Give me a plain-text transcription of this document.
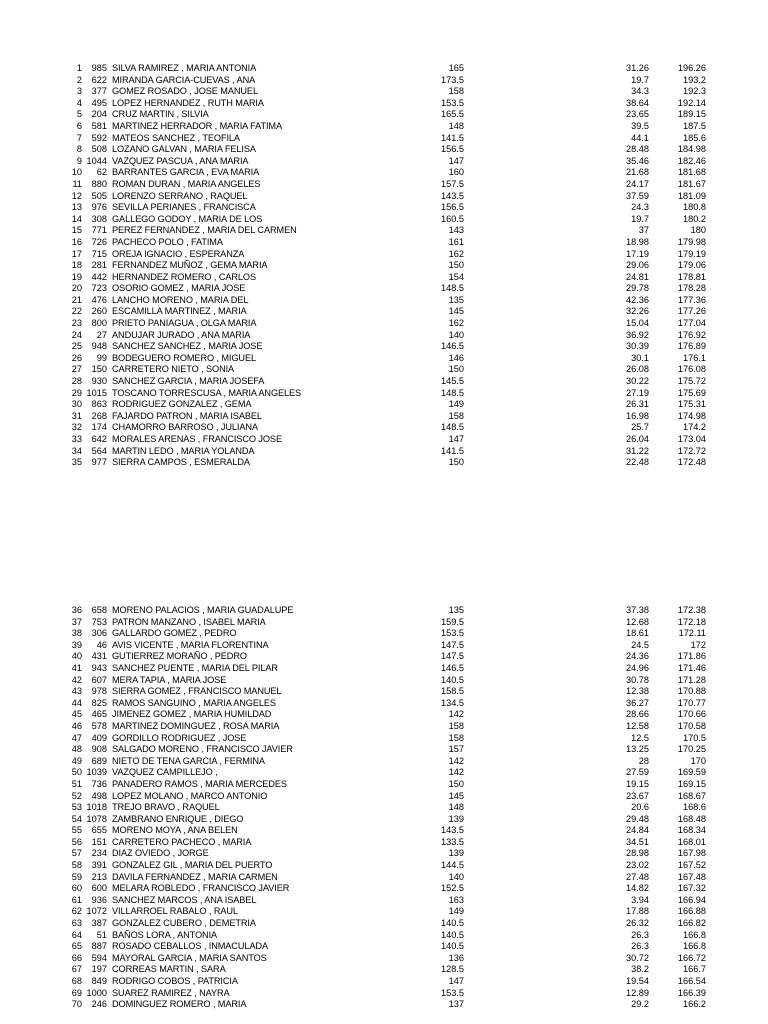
1	985 SILVA RAMIREZ , MARIA ANTONIA	165	31.26	196.26
2	622 MIRANDA GARCIA-CUEVAS , ANA	173.5	19.7	193.2
3	377 GOMEZ ROSADO , JOSE MANUEL	158	34.3	192.3
4	495 LOPEZ HERNANDEZ , RUTH MARIA	153.5	38.64	192.14
5	204 CRUZ MARTIN , SILVIA	165.5	23.65	189.15
6	581 MARTINEZ HERRADOR , MARIA FATIMA	148	39.5	187.5
7	592 MATEOS SANCHEZ , TEOFILA	141.5	44.1	185.6
8	508 LOZANO GALVAN , MARIA FELISA	156.5	28.48	184.98
9 1044 VAZQUEZ PASCUA , ANA MARIA	147	35.46	182.46
10	62 BARRANTES GARCIA , EVA MARIA	160	21.68	181.68
11	880 ROMAN DURAN , MARIA ANGELES	157.5	24.17	181.67
12	505 LORENZO SERRANO , RAQUEL	143.5	37.59	181.09
13	976 SEVILLA PERIANES , FRANCISCA	156.5	24.3	180.8
14	308 GALLEGO GODOY , MARIA DE LOS	160.5	19.7	180.2
15	771 PEREZ FERNANDEZ , MARIA DEL CARMEN	143	37	180
16	726 PACHECO POLO , FATIMA	161	18.98	179.98
17	715 OREJA IGNACIO , ESPERANZA	162	17.19	179.19
18	281 FERNANDEZ MUÑOZ , GEMA MARIA	150	29.06	179.06
19	442 HERNANDEZ ROMERO , CARLOS	154	24.81	178.81
20	723 OSORIO GOMEZ , MARIA JOSE	148.5	29.78	178.28
21	476 LANCHO MORENO , MARIA DEL	135	42.36	177.36
22	260 ESCAMILLA MARTINEZ , MARIA	145	32.26	177.26
23	800 PRIETO PANIAGUA , OLGA MARIA	162	15.04	177.04
24	27 ANDUJAR JURADO , ANA MARIA	140	36.92	176.92
25	948 SANCHEZ SANCHEZ , MARIA JOSE	146.5	30.39	176.89
26	99 BODEGUERO ROMERO , MIGUEL	146	30.1	176.1
27	150 CARRETERO NIETO , SONIA	150	26.08	176.08
28	930 SANCHEZ GARCIA , MARIA JOSEFA	145.5	30.22	175.72
29 1015 TOSCANO TORRESCUSA , MARIA ANGELES	148.5	27.19	175.69
30	863 RODRIGUEZ GONZALEZ , GEMA	149	26.31	175.31
31	268 FAJARDO PATRON , MARIA ISABEL	158	16.98	174.98
32	174 CHAMORRO BARROSO , JULIANA	148.5	25.7	174.2
33	642 MORALES ARENAS , FRANCISCO JOSE	147	26.04	173.04
34	564 MARTIN LEDO , MARIA YOLANDA	141.5	31.22	172.72
35	977 SIERRA CAMPOS , ESMERALDA	150	22.48	172.48
36	658 MORENO PALACIOS , MARIA GUADALUPE	135	37.38	172.38
37	753 PATRON MANZANO , ISABEL MARIA	159.5	12.68	172.18
38	306 GALLARDO GOMEZ , PEDRO	153.5	18.61	172.11
39	46 AVIS VICENTE , MARIA FLORENTINA	147.5	24.5	172
40	431 GUTIERREZ MORAÑO , PEDRO	147.5	24.36	171.86
41	943 SANCHEZ PUENTE , MARIA DEL PILAR	146.5	24.96	171.46
42	607 MERA TAPIA , MARIA JOSE	140.5	30.78	171.28
43	978 SIERRA GOMEZ , FRANCISCO MANUEL	158.5	12.38	170.88
44	825 RAMOS SANGUINO , MARIA ANGELES	134.5	36.27	170.77
45	465 JIMENEZ GOMEZ , MARIA HUMILDAD	142	28.66	170.66
46	578 MARTINEZ DOMINGUEZ , ROSA MARIA	158	12.58	170.58
47	409 GORDILLO RODRIGUEZ , JOSE	158	12.5	170.5
48	908 SALGADO MORENO , FRANCISCO JAVIER	157	13.25	170.25
49	689 NIETO DE TENA GARCIA , FERMINA	142	28	170
50 1039 VAZQUEZ CAMPILLEJO ,	142	27.59	169.59
51	736 PANADERO RAMOS , MARIA MERCEDES	150	19.15	169.15
52	498 LOPEZ MOLANO , MARCO ANTONIO	145	23.67	168.67
53 1018 TREJO BRAVO , RAQUEL	148	20.6	168.6
54 1078 ZAMBRANO ENRIQUE , DIEGO	139	29.48	168.48
55	655 MORENO MOYA , ANA BELEN	143.5	24.84	168.34
56	151 CARRETERO PACHECO , MARIA	133.5	34.51	168.01
57	234 DIAZ OVIEDO , JORGE	139	28.98	167.98
58	391 GONZALEZ GIL , MARIA DEL PUERTO	144.5	23.02	167.52
59	213 DAVILA FERNANDEZ , MARIA CARMEN	140	27.48	167.48
60	600 MELARA ROBLEDO , FRANCISCO JAVIER	152.5	14.82	167.32
61	936 SANCHEZ MARCOS , ANA ISABEL	163	3.94	166.94
62 1072 VILLARROEL RABALO , RAUL	149	17.88	166.88
63	387 GONZALEZ CUBERO , DEMETRIA	140.5	26.32	166.82
64	51 BAÑOS LORA , ANTONIA	140.5	26.3	166.8
65	887 ROSADO CEBALLOS , INMACULADA	140.5	26.3	166.8
66	594 MAYORAL GARCIA , MARIA SANTOS	136	30.72	166.72
67	197 CORREAS MARTIN , SARA	128.5	38.2	166.7
68	849 RODRIGO COBOS , PATRICIA	147	19.54	166.54
69 1000 SUAREZ RAMIREZ , NAYRA	153.5	12.89	166.39
70	246 DOMINGUEZ ROMERO , MARIA	137	29.2	166.2
